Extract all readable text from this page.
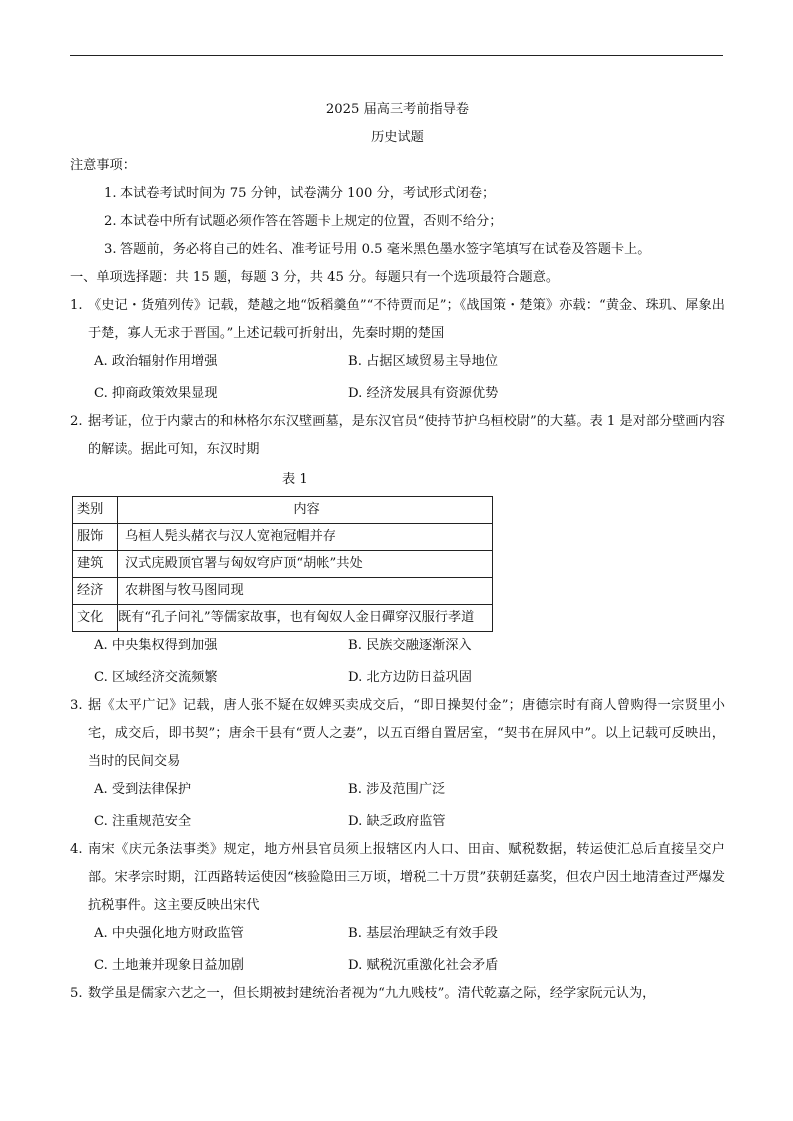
2025 届高三考前指导卷
历史试题
注意事项：
1. 本试卷考试时间为 75 分钟，试卷满分 100 分，考试形式闭卷；
2. 本试卷中所有试题必须作答在答题卡上规定的位置，否则不给分；
3. 答题前，务必将自己的姓名、准考证号用 0.5 毫米黑色墨水签字笔填写在试卷及答题卡上。
一、单项选择题：共 15 题，每题 3 分，共 45 分。每题只有一个选项最符合题意。
1. 《史记・货殖列传》记载，楚越之地“饭稻羹鱼”“不待贾而足”；《战国策・楚策》亦载：“黄金、珠玑、犀象出于楚，寡人无求于晋国。”上述记载可折射出，先秦时期的楚国
A. 政治辐射作用增强	B. 占据区域贸易主导地位
C. 抑商政策效果显现	D. 经济发展具有资源优势
2. 据考证，位于内蒙古的和林格尔东汉壁画墓，是东汉官员“使持节护乌桓校尉”的大墓。表 1 是对部分壁画内容的解读。据此可知，东汉时期
表 1
类别	内容
服饰	乌桓人髡头赭衣与汉人宽袍冠帽并存
建筑	汉式庑殿顶官署与匈奴穹庐顶“胡帐”共处
经济	农耕图与牧马图同现
文化	既有“孔子问礼”等儒家故事，也有匈奴人金日磾穿汉服行孝道
A. 中央集权得到加强	B. 民族交融逐渐深入
C. 区域经济交流频繁	D. 北方边防日益巩固
3. 据《太平广记》记载，唐人张不疑在奴婢买卖成交后，“即日操契付金”；唐德宗时有商人曾购得一宗贤里小宅，成交后，即书契”；唐余干县有“贾人之妻”，以五百缗自置居室，“契书在屏风中”。以上记载可反映出，当时的民间交易
A. 受到法律保护	B. 涉及范围广泛
C. 注重规范安全	D. 缺乏政府监管
4. 南宋《庆元条法事类》规定，地方州县官员须上报辖区内人口、田亩、赋税数据，转运使汇总后直接呈交户部。宋孝宗时期，江西路转运使因“核验隐田三万顷，增税二十万贯”获朝廷嘉奖，但农户因土地清查过严爆发抗税事件。这主要反映出宋代
A. 中央强化地方财政监管	B. 基层治理缺乏有效手段
C. 土地兼并现象日益加剧	D. 赋税沉重激化社会矛盾
5. 数学虽是儒家六艺之一，但长期被封建统治者视为“九九贱枝”。清代乾嘉之际，经学家阮元认为，
